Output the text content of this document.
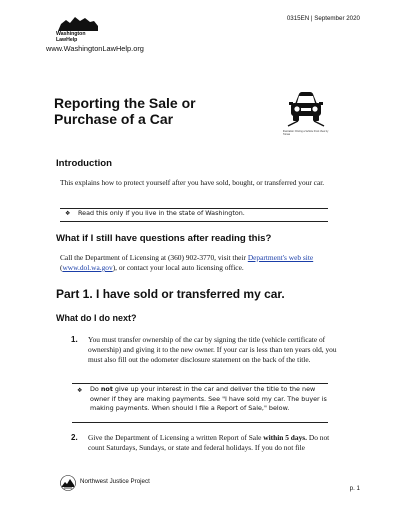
Washington
LawHelp
www.WashingtonLawHelp.org
0315EN | September 2020
Reporting the Sale or Purchase of a Car
Illustration: Driving a Vehicle Front View by Tomas
Introduction
This explains how to protect yourself after you have sold, bought, or transferred your car.
❖ Read this only if you live in the state of Washington.
What if I still have questions after reading this?
Call the Department of Licensing at (360) 902-3770, visit their Department's web site (www.dol.wa.gov), or contact your local auto licensing office.
Part 1. I have sold or transferred my car.
What do I do next?
1. You must transfer ownership of the car by signing the title (vehicle certificate of ownership) and giving it to the new owner. If your car is less than ten years old, you must also fill out the odometer disclosure statement on the back of the title.
❖ Do not give up your interest in the car and deliver the title to the new owner if they are making payments. See "I have sold my car. The buyer is making payments. When should I file a Report of Sale," below.
2. Give the Department of Licensing a written Report of Sale within 5 days. Do not count Saturdays, Sundays, or state and federal holidays. If you do not file
Northwest Justice Project
p. 1
